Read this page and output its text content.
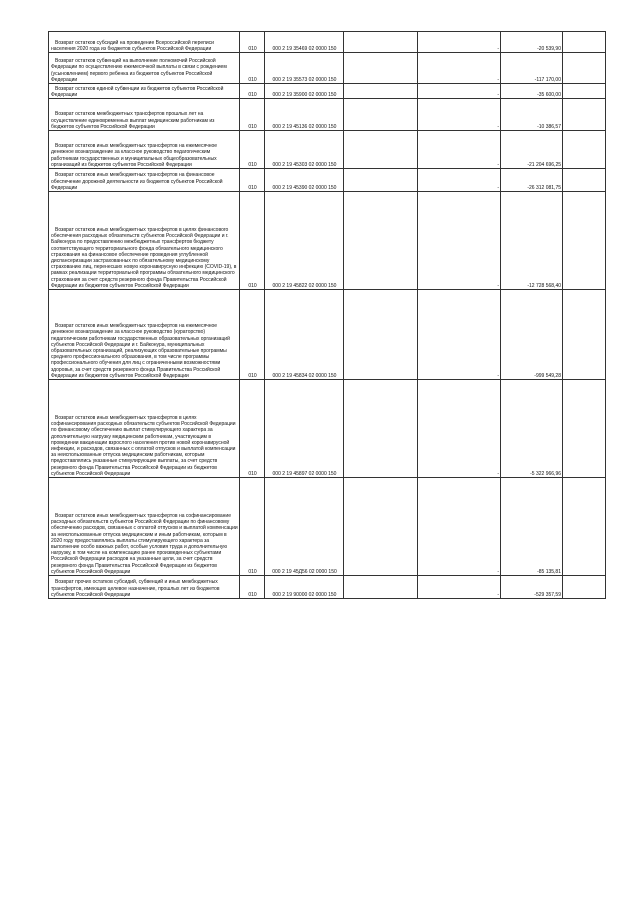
Возврат остатков субсидий на проведение Всероссийской переписи населения 2020 года из бюджетов субъектов Российской Федерации	010	000 2 19 35469 02 0000 150		-	-20 539,90	
Возврат остатков субвенций на выполнение полномочий Российской Федерации по осуществлению ежемесячной выплаты в связи с рождением (усыновлением) первого ребенка из бюджетов субъектов Российской Федерации	010	000 2 19 35573 02 0000 150		-	-117 170,00	
Возврат остатков единой субвенции из бюджетов субъектов Российской Федерации	010	000 2 19 35900 02 0000 150		-	-35 600,00	
Возврат остатков межбюджетных трансфертов прошлых лет на осуществление единовременных выплат медицинским работникам из бюджетов субъектов Российской Федерации	010	000 2 19 45136 02 0000 150		-	-10 386,57	
Возврат остатков иных межбюджетных трансфертов на ежемесячное денежное вознаграждение за классное руководство педагогическим работникам государственных и муниципальных общеобразовательных организаций из бюджетов субъектов Российской Федерации	010	000 2 19 45303 02 0000 150		-	-21 204 696,25	
Возврат остатков иных межбюджетных трансфертов на финансовое обеспечение дорожной деятельности из бюджетов субъектов Российской Федерации	010	000 2 19 45390 02 0000 150		-	-26 312 081,75	
Возврат остатков иных межбюджетных трансфертов в целях финансового обеспечения расходных обязательств субъектов Российской Федерации и г. Байконура по предоставлению межбюджетных трансфертов бюджету соответствующего территориального фонда обязательного медицинского страхования на финансовое обеспечение проведения углубленной диспансеризации застрахованных по обязательному медицинскому страхованию лиц, перенесших новую коронавирусную инфекцию (COVID-19), в рамках реализации территориальной программы обязательного медицинского страхования за счет средств резервного фонда Правительства Российской Федерации из бюджетов субъектов Российской Федерации	010	000 2 19 45822 02 0000 150		-	-12 728 568,40	
Возврат остатков иных межбюджетных трансфертов на ежемесячное денежное вознаграждение за классное руководство (кураторство) педагогическим работникам государственных образовательных организаций субъектов Российской Федерации и г. Байконура, муниципальных образовательных организаций, реализующих образовательные программы среднего профессионального образования, в том числе программы профессионального обучения для лиц с ограниченными возможностями здоровья, за счет средств резервного фонда Правительства Российской Федерации из бюджетов субъектов Российской Федерации	010	000 2 19 45834 02 0000 150		-	-999 549,28	
Возврат остатков иных межбюджетных трансфертов в целях софинансирования расходных обязательств субъектов Российской Федерации по финансовому обеспечению выплат стимулирующего характера за дополнительную нагрузку медицинским работникам, участвующим в проведении вакцинации взрослого населения против новой коронавирусной инфекции, и расходов, связанных с оплатой отпусков и выплатой компенсации за неиспользованные отпуска медицинским работникам, которым предоставлялись указанные стимулирующие выплаты, за счет средств резервного фонда Правительства Российской Федерации из бюджетов субъектов Российской Федерации	010	000 2 19 45897 02 0000 150		-	-5 322 966,96	
Возврат остатков иных межбюджетных трансфертов на софинансирование расходных обязательств субъектов Российской Федерации по финансовому обеспечению расходов, связанных с оплатой отпусков и выплатой компенсации за неиспользованные отпуска медицинским и иным работникам, которым в 2020 году предоставлялись выплаты стимулирующего характера за выполнение особо важных работ, особые условия труда и дополнительную нагрузку, в том числе на компенсацию ранее произведенных субъектами Российской Федерации расходов на указанные цели, за счет средств резервного фонда Правительства Российской Федерации из бюджетов субъектов Российской Федерации	010	000 2 19 45Д56 02 0000 150		-	-85 135,81	
Возврат прочих остатков субсидий, субвенций и иных межбюджетных трансфертов, имеющих целевое назначение, прошлых лет из бюджетов субъектов Российской Федерации	010	000 2 19 90000 02 0000 150		-	-529 357,59	
